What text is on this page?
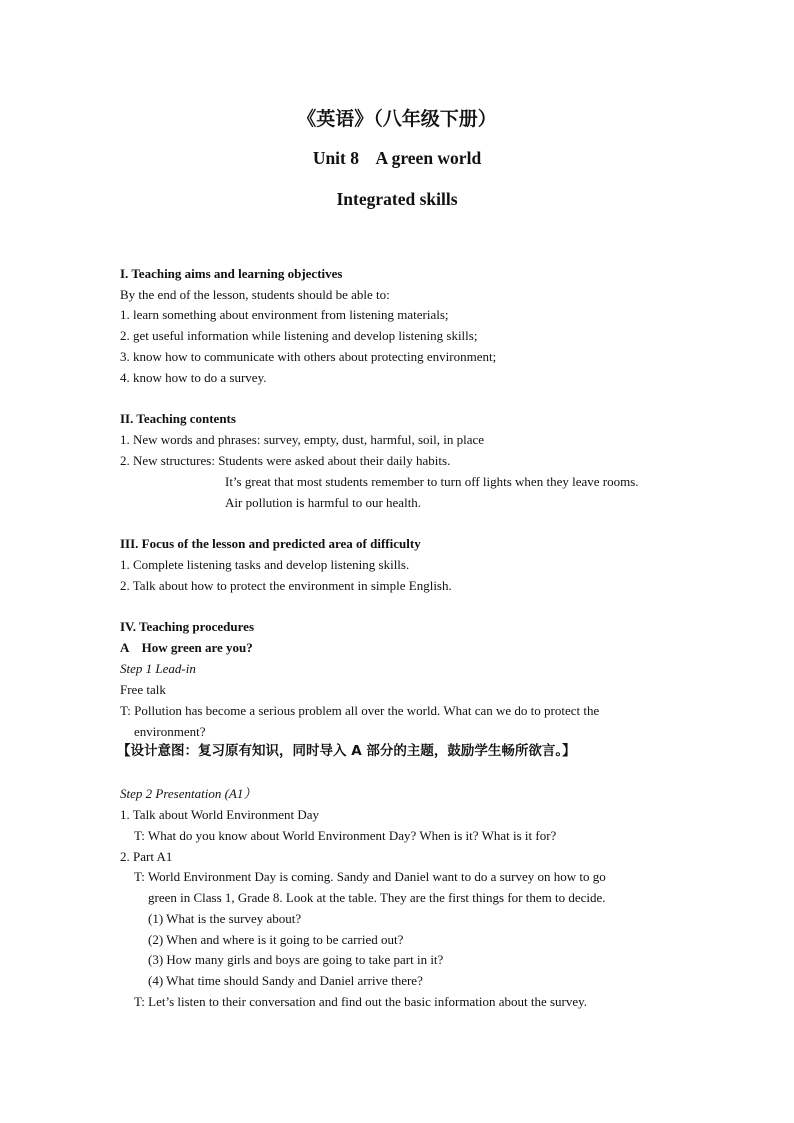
《英语》（八年级下册）
Unit 8    A green world
Integrated skills
I. Teaching aims and learning objectives
By the end of the lesson, students should be able to:
1. learn something about environment from listening materials;
2. get useful information while listening and develop listening skills;
3. know how to communicate with others about protecting environment;
4. know how to do a survey.
II. Teaching contents
1. New words and phrases: survey, empty, dust, harmful, soil, in place
2. New structures: Students were asked about their daily habits.
It’s great that most students remember to turn off lights when they leave rooms.
Air pollution is harmful to our health.
III. Focus of the lesson and predicted area of difficulty
1. Complete listening tasks and develop listening skills.
2. Talk about how to protect the environment in simple English.
IV. Teaching procedures
A    How green are you?
Step 1 Lead-in
Free talk
T: Pollution has become a serious problem all over the world. What can we do to protect the
environment?
【设计意图：复习原有知识，同时导入 A 部分的主题，鼓励学生畅所欲言。】
Step 2 Presentation (A1）
1. Talk about World Environment Day
T: What do you know about World Environment Day? When is it? What is it for?
2. Part A1
T: World Environment Day is coming. Sandy and Daniel want to do a survey on how to go
green in Class 1, Grade 8. Look at the table. They are the first things for them to decide.
(1) What is the survey about?
(2) When and where is it going to be carried out?
(3) How many girls and boys are going to take part in it?
(4) What time should Sandy and Daniel arrive there?
T: Let’s listen to their conversation and find out the basic information about the survey.
